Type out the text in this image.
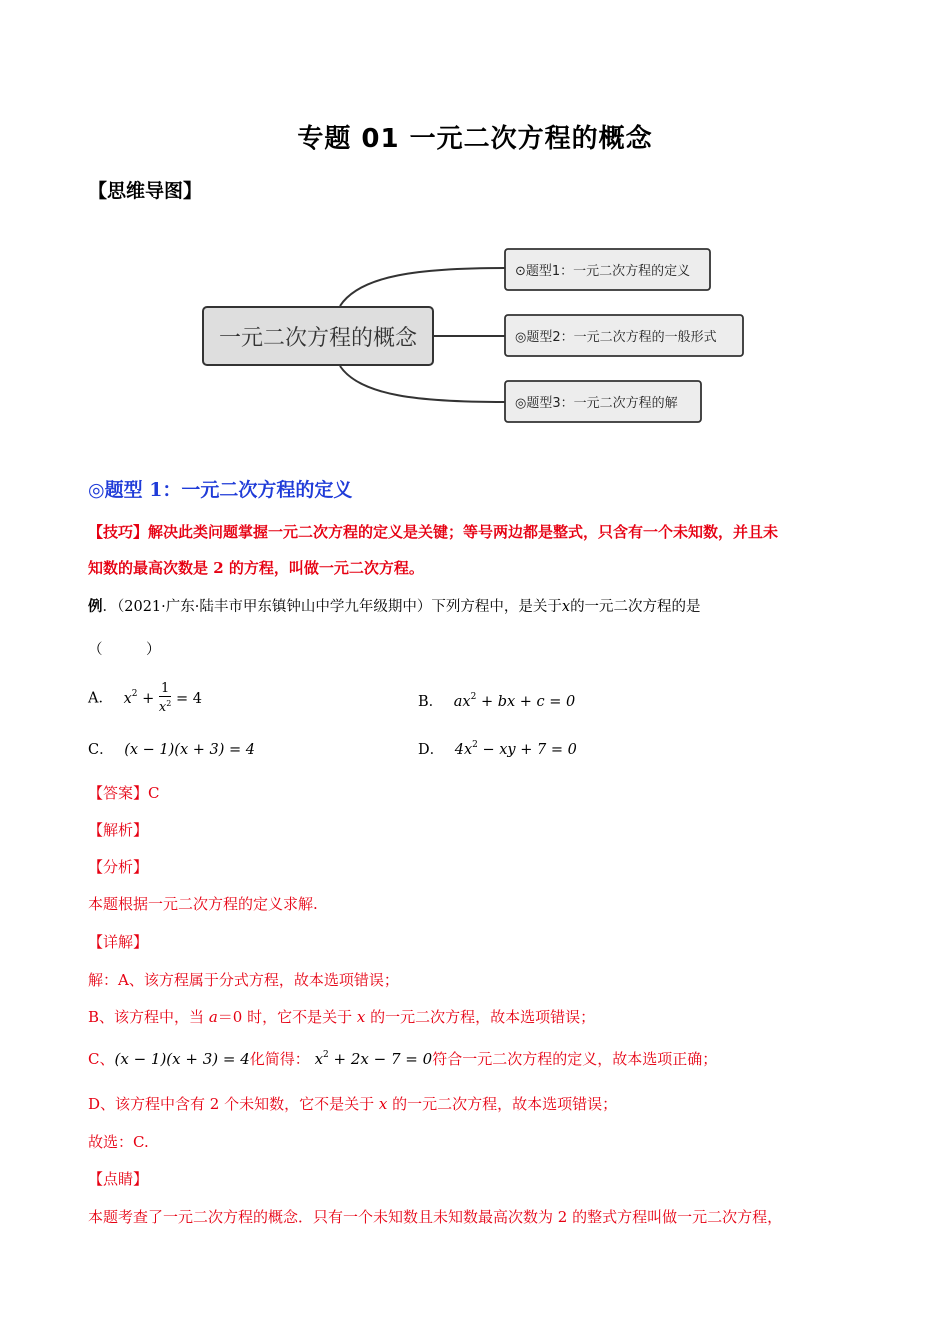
专题 01 一元二次方程的概念
【思维导图】
一元二次方程的概念
⊙题型1：一元二次方程的定义
◎题型2：一元二次方程的一般形式
◎题型3：一元二次方程的解
◎题型 1：一元二次方程的定义
【技巧】解决此类问题掌握一元二次方程的定义是关键；等号两边都是整式，只含有一个未知数，并且未
知数的最高次数是 2 的方程，叫做一元二次方程。
例．（2021·广东·陆丰市甲东镇钟山中学九年级期中）下列方程中，是关于x的一元二次方程的是
（　　　）
A． $x^2 + \frac{1}{x^2} = 4$	B． $ax^2$ + bx + c = 0
C． (x − 1)(x + 3) = 4	D． $4x^2$ − xy + 7 = 0
【答案】C
【解析】
【分析】
本题根据一元二次方程的定义求解.
【详解】
解：A、该方程属于分式方程，故本选项错误；
B、该方程中，当 a＝0 时，它不是关于 x 的一元二次方程，故本选项错误；
C、(x − 1)(x + 3) = 4化简得： $x^2 + 2x - 7 = 0$符合一元二次方程的定义，故本选项正确；
D、该方程中含有 2 个未知数，它不是关于 x 的一元二次方程，故本选项错误；
故选：C.
【点睛】
本题考查了一元二次方程的概念．只有一个未知数且未知数最高次数为 2 的整式方程叫做一元二次方程，
